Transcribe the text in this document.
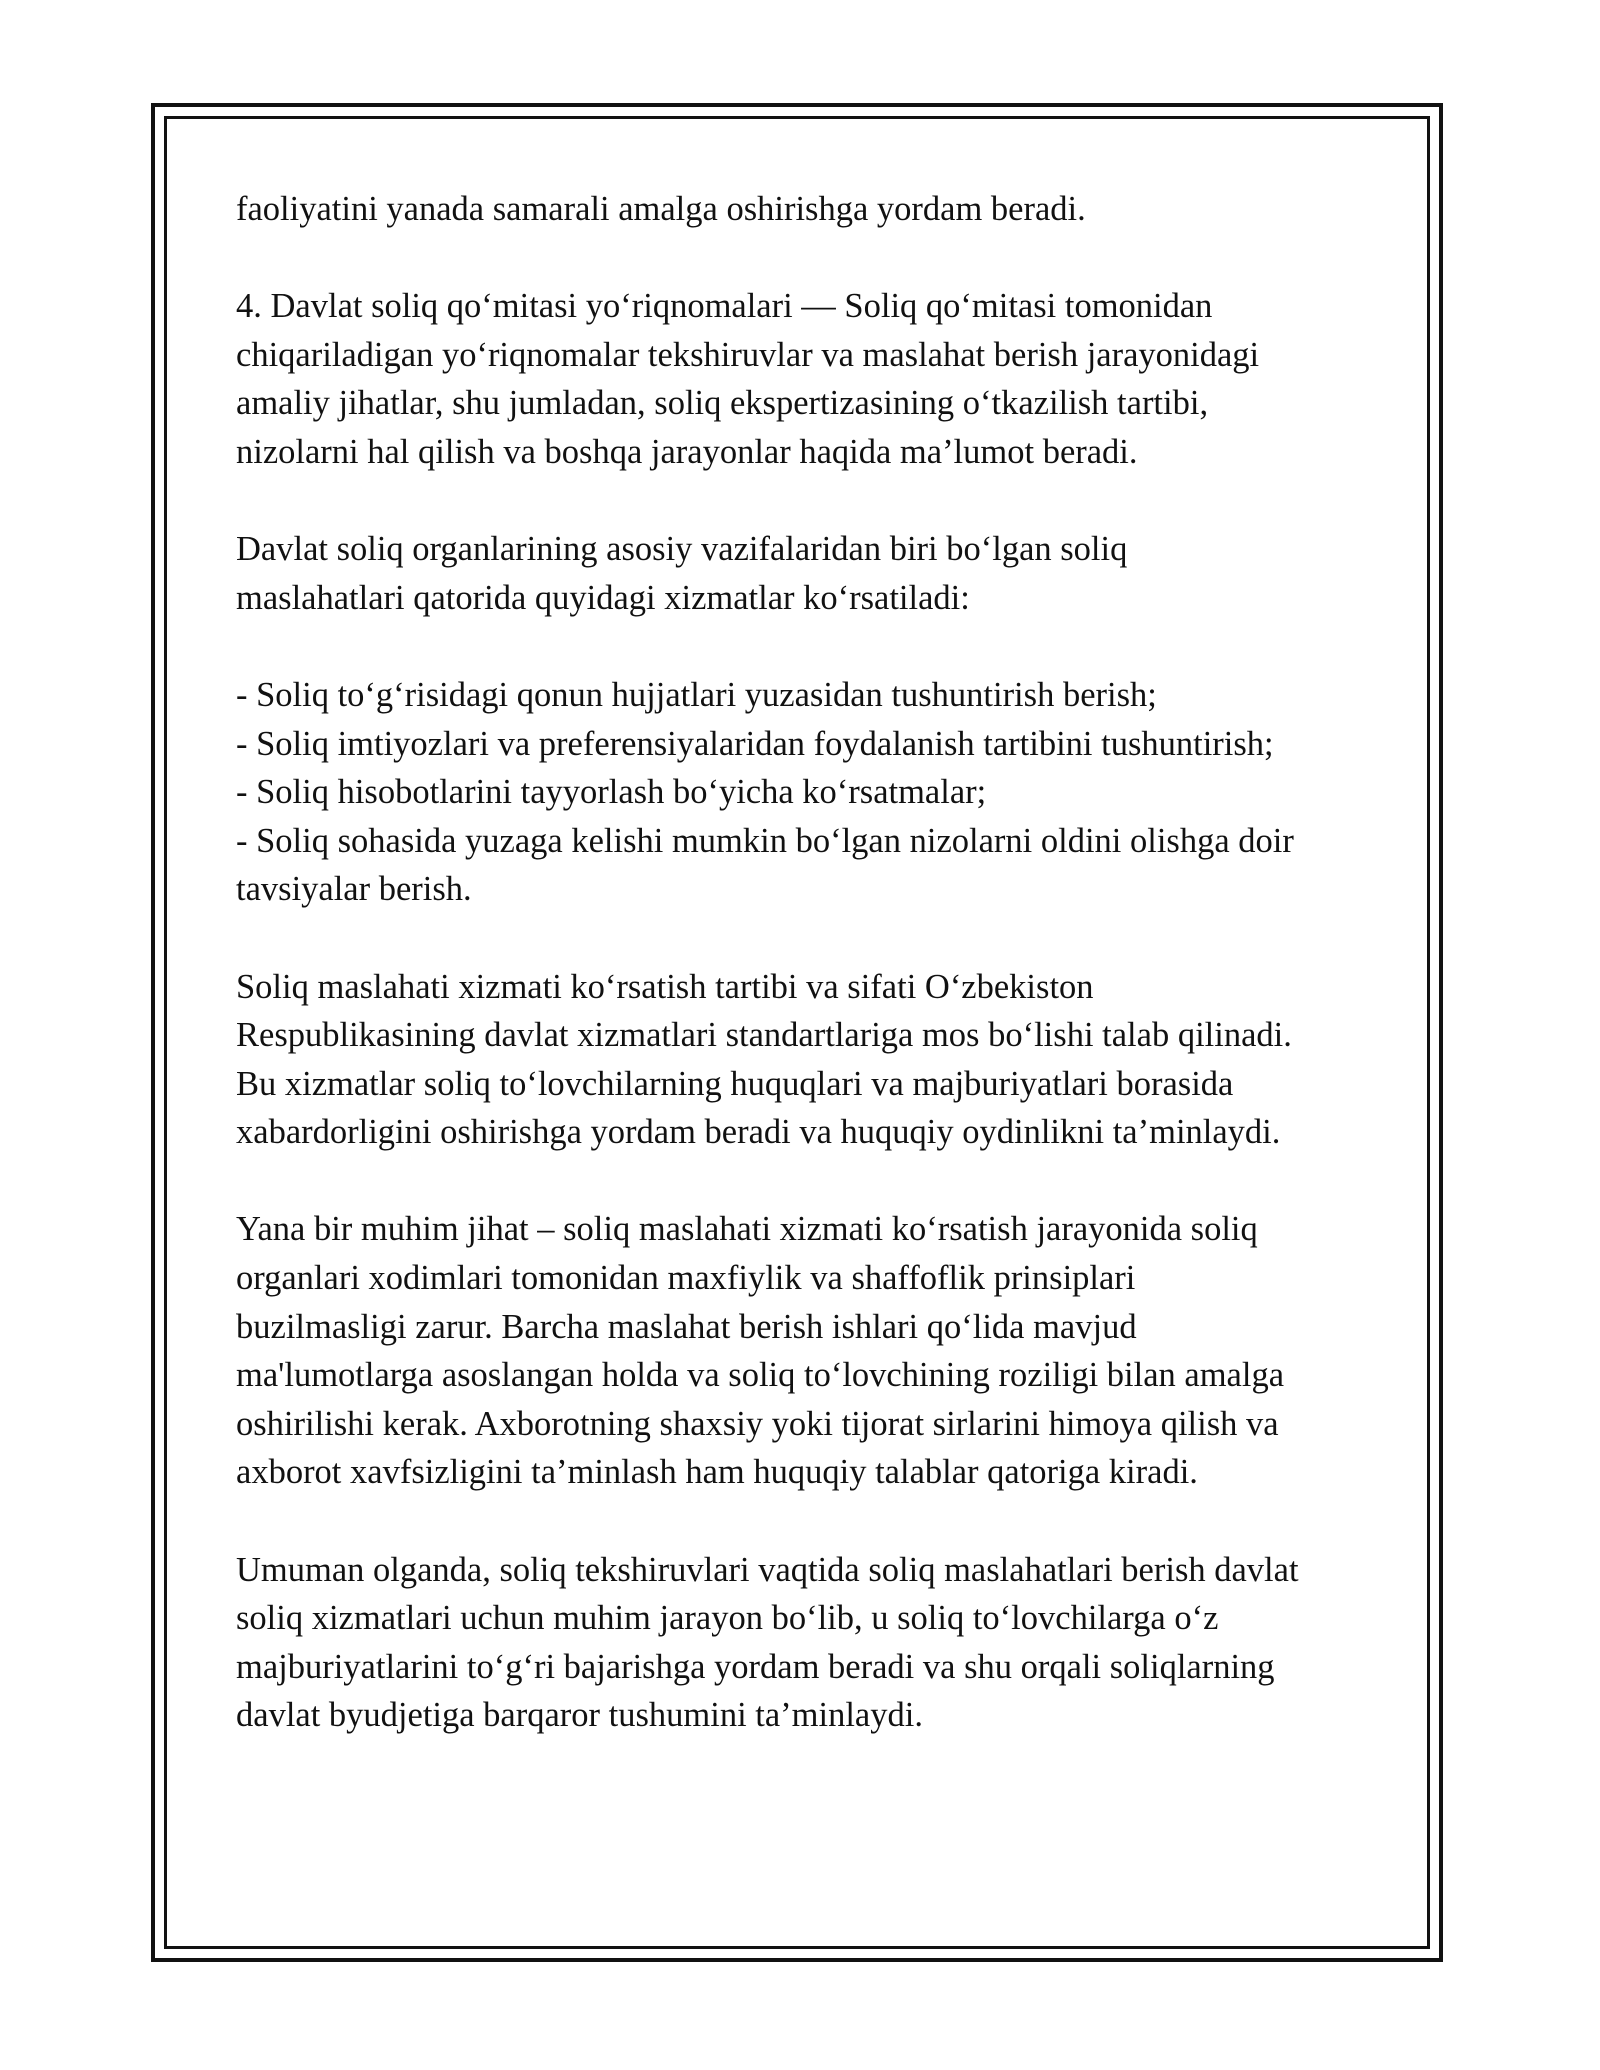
faoliyatini yanada samarali amalga oshirishga yordam beradi.

4. Davlat soliq qo‘mitasi yo‘riqnomalari — Soliq qo‘mitasi tomonidan
chiqariladigan yo‘riqnomalar tekshiruvlar va maslahat berish jarayonidagi
amaliy jihatlar, shu jumladan, soliq ekspertizasining o‘tkazilish tartibi,
nizolarni hal qilish va boshqa jarayonlar haqida ma’lumot beradi.

Davlat soliq organlarining asosiy vazifalaridan biri bo‘lgan soliq
maslahatlari qatorida quyidagi xizmatlar ko‘rsatiladi:

- Soliq to‘g‘risidagi qonun hujjatlari yuzasidan tushuntirish berish;
- Soliq imtiyozlari va preferensiyalaridan foydalanish tartibini tushuntirish;
- Soliq hisobotlarini tayyorlash bo‘yicha ko‘rsatmalar;
- Soliq sohasida yuzaga kelishi mumkin bo‘lgan nizolarni oldini olishga doir
tavsiyalar berish.

Soliq maslahati xizmati ko‘rsatish tartibi va sifati O‘zbekiston
Respublikasining davlat xizmatlari standartlariga mos bo‘lishi talab qilinadi.
Bu xizmatlar soliq to‘lovchilarning huquqlari va majburiyatlari borasida
xabardorligini oshirishga yordam beradi va huquqiy oydinlikni ta’minlaydi.

Yana bir muhim jihat – soliq maslahati xizmati ko‘rsatish jarayonida soliq
organlari xodimlari tomonidan maxfiylik va shaffoflik prinsiplari
buzilmasligi zarur. Barcha maslahat berish ishlari qo‘lida mavjud
ma'lumotlarga asoslangan holda va soliq to‘lovchining roziligi bilan amalga
oshirilishi kerak. Axborotning shaxsiy yoki tijorat sirlarini himoya qilish va
axborot xavfsizligini ta’minlash ham huquqiy talablar qatoriga kiradi.

Umuman olganda, soliq tekshiruvlari vaqtida soliq maslahatlari berish davlat
soliq xizmatlari uchun muhim jarayon bo‘lib, u soliq to‘lovchilarga o‘z
majburiyatlarini to‘g‘ri bajarishga yordam beradi va shu orqali soliqlarning
davlat byudjetiga barqaror tushumini ta’minlaydi.
